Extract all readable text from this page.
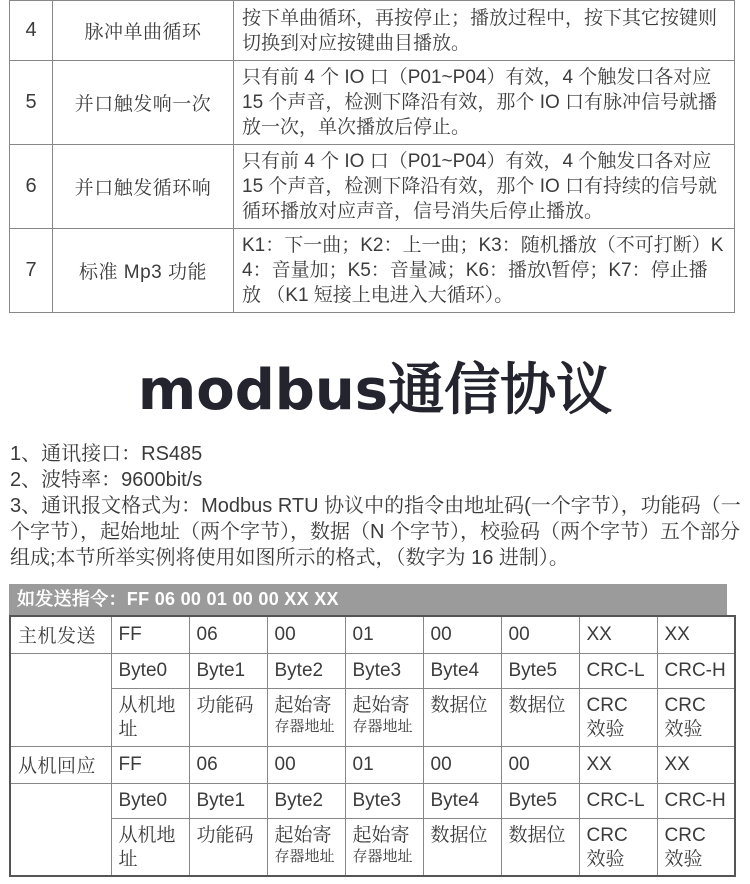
4	脉冲单曲循环	按下单曲循环，再按停止；播放过程中，按下其它按键则切换到对应按键曲目播放。
5	并口触发响一次	只有前 4 个 IO 口（P01~P04）有效，4 个触发口各对应 15 个声音，检测下降沿有效，那个 IO 口有脉冲信号就播放一次，单次播放后停止。
6	并口触发循环响	只有前 4 个 IO 口（P01~P04）有效，4 个触发口各对应 15 个声音，检测下降沿有效，那个 IO 口有持续的信号就循环播放对应声音，信号消失后停止播放。
7	标准 Mp3 功能	K1：下一曲；K2：上一曲；K3：随机播放（不可打断）K4：音量加；K5：音量减；K6：播放\暂停；K7：停止播放 （K1 短接上电进入大循环）。
modbus通信协议

1、通讯接口：RS485

2、波特率：9600bit/s

3、通讯报文格式为：Modbus RTU 协议中的指令由地址码(一个字节），功能码（一个字节），起始地址（两个字节），数据（N 个字节），校验码（两个字节）五个部分组成;本节所举实例将使用如图所示的格式，（数字为 16 进制）。

如发送指令：FF 06 00 01 00 00 XX XX
主机发送	FF	06	00	01	00	00	XX	XX
	Byte0	Byte1	Byte2	Byte3	Byte4	Byte5	CRC-L	CRC-H

	从机地
址	功能码	起始寄
存器地址	起始寄
存器地址	数据位	数据位	CRC
效验	CRC
效验

从机回应	FF	06	00	01	00	00	XX	XX
	Byte0	Byte1	Byte2	Byte3	Byte4	Byte5	CRC-L	CRC-H

	从机地
址	功能码	起始寄
存器地址	起始寄
存器地址	数据位	数据位	CRC
效验	CRC
效验
